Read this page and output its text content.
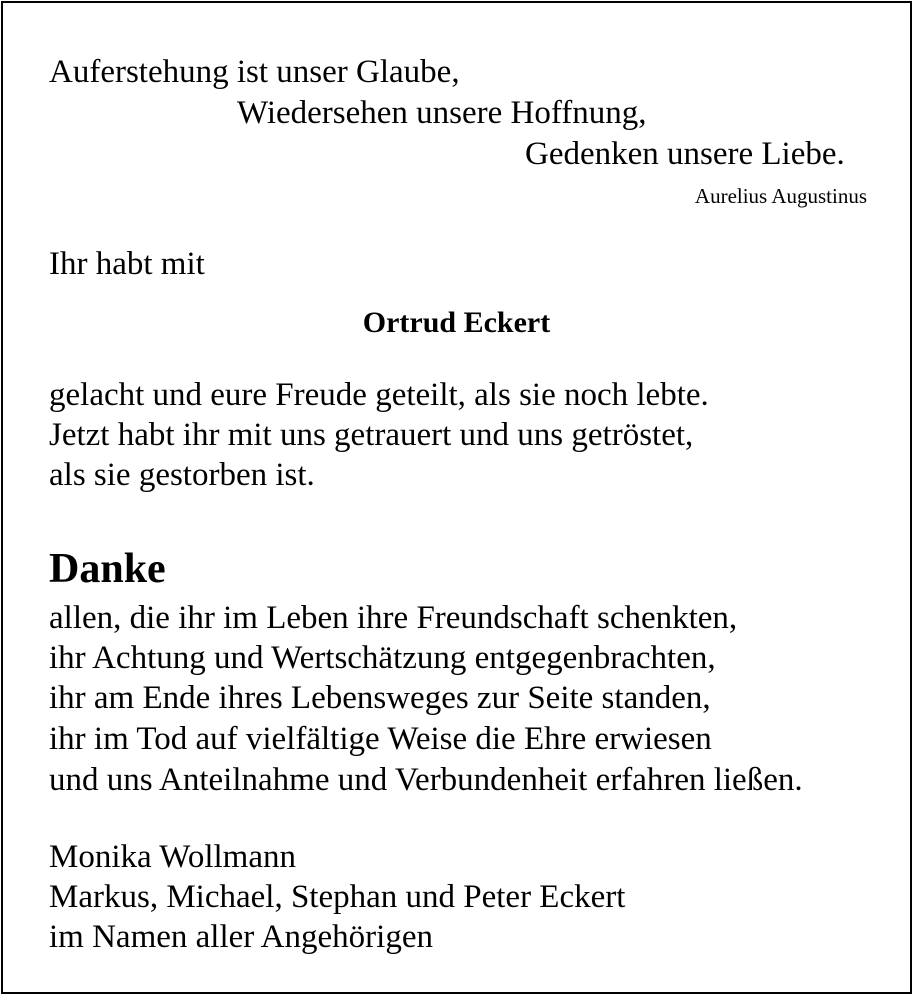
Auferstehung ist unser Glaube,
Wiedersehen unsere Hoffnung,
Gedenken unsere Liebe.
Aurelius Augustinus
Ihr habt mit
Ortrud Eckert
gelacht und eure Freude geteilt, als sie noch lebte.
Jetzt habt ihr mit uns getrauert und uns getröstet,
als sie gestorben ist.
Danke
allen, die ihr im Leben ihre Freundschaft schenkten,
ihr Achtung und Wertschätzung entgegenbrachten,
ihr am Ende ihres Lebensweges zur Seite standen,
ihr im Tod auf vielfältige Weise die Ehre erwiesen
und uns Anteilnahme und Verbundenheit erfahren ließen.
Monika Wollmann
Markus, Michael, Stephan und Peter Eckert
im Namen aller Angehörigen
